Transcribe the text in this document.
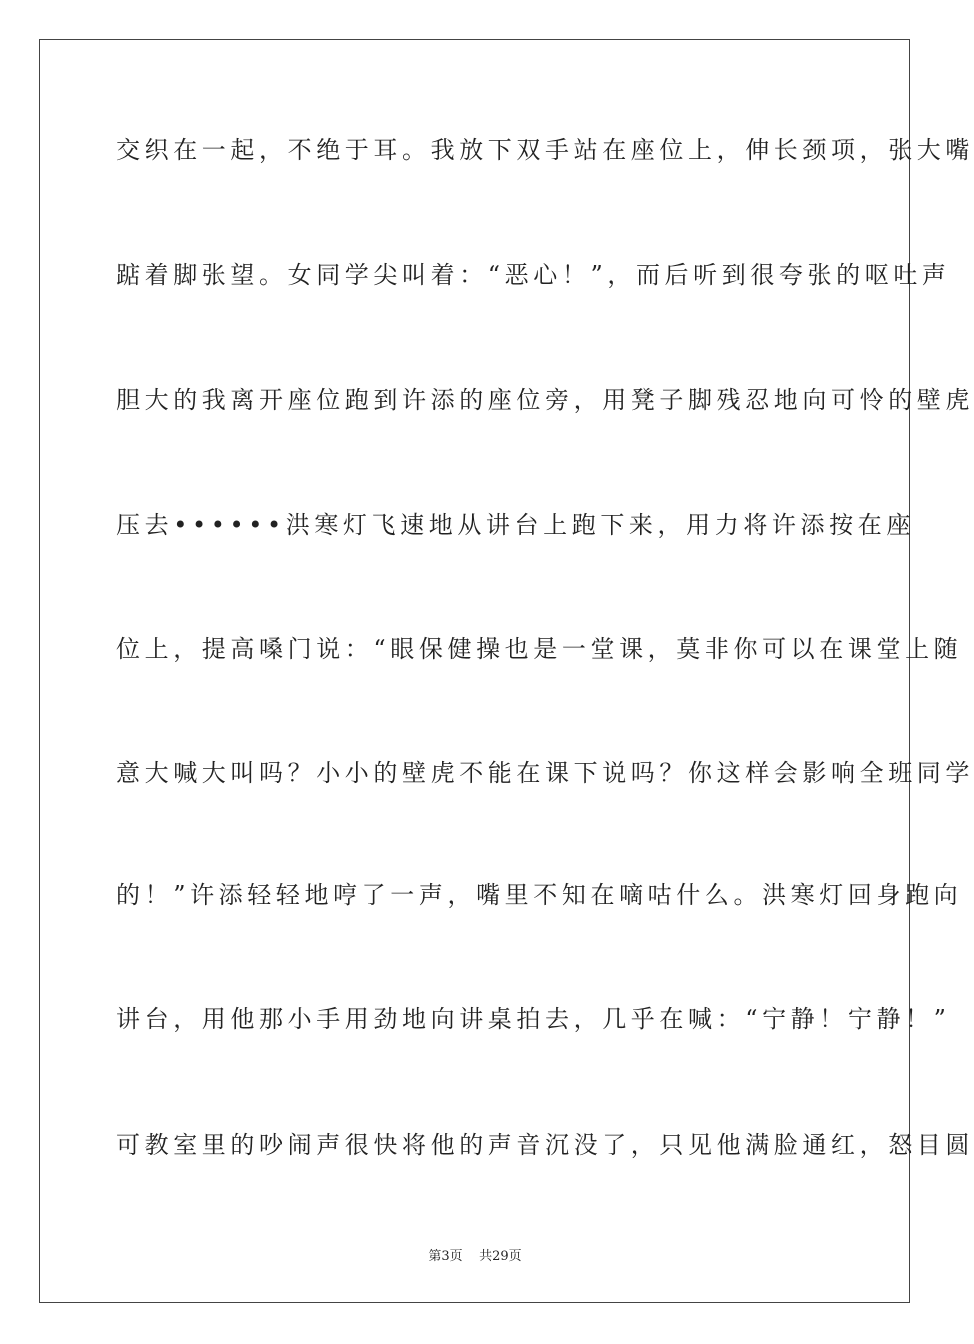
交织在一起，不绝于耳。我放下双手站在座位上，伸长颈项，张大嘴
踮着脚张望。女同学尖叫着：“恶心！”，而后听到很夸张的呕吐声
胆大的我离开座位跑到许添的座位旁，用凳子脚残忍地向可怜的壁虎
压去••••••洪寒灯飞速地从讲台上跑下来，用力将许添按在座
位上，提高嗓门说：“眼保健操也是一堂课，莫非你可以在课堂上随
意大喊大叫吗？小小的壁虎不能在课下说吗？你这样会影响全班同学
的！”许添轻轻地哼了一声，嘴里不知在嘀咕什么。洪寒灯回身跑向
讲台，用他那小手用劲地向讲桌拍去，几乎在喊：“宁静！宁静！”
可教室里的吵闹声很快将他的声音沉没了，只见他满脸通红，怒目圆
第3页 共29页
